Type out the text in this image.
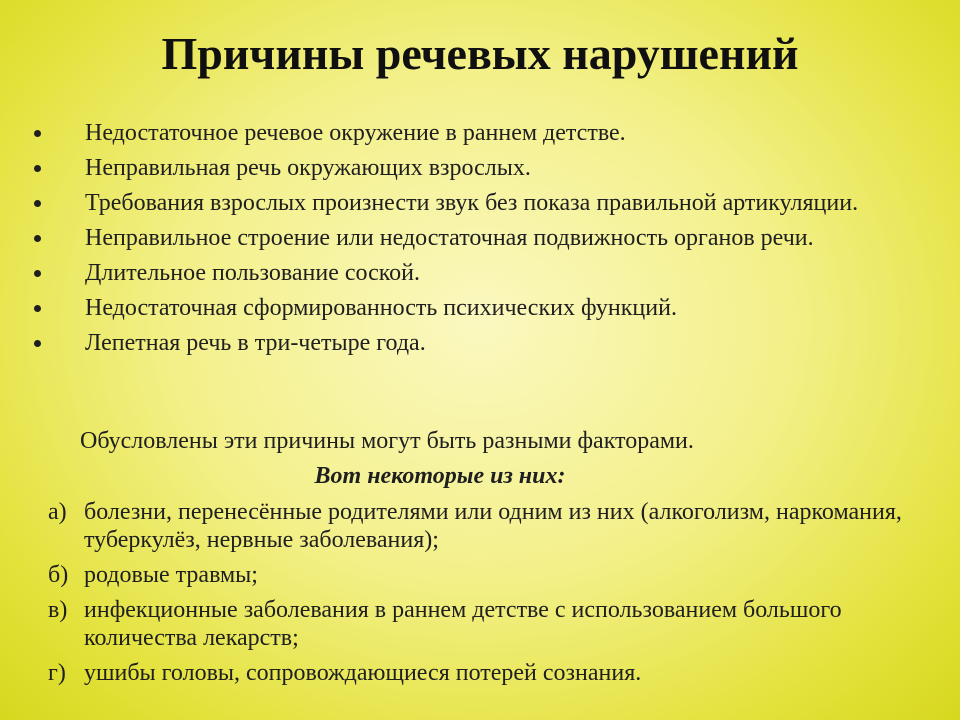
Причины речевых нарушений
Недостаточное речевое окружение в раннем детстве.
Неправильная речь окружающих взрослых.
Требования взрослых произнести звук без показа правильной артикуляции.
Неправильное строение или недостаточная подвижность органов речи.
Длительное пользование соской.
Недостаточная сформированность психических функций.
Лепетная речь в три-четыре года.
Обусловлены эти причины могут быть разными факторами.
Вот некоторые из них:
а) болезни, перенесённые родителями или одним из них (алкоголизм, наркомания, туберкулёз, нервные заболевания);
б) родовые травмы;
в) инфекционные заболевания в раннем детстве с использованием большого количества лекарств;
г) ушибы головы, сопровождающиеся потерей сознания.
